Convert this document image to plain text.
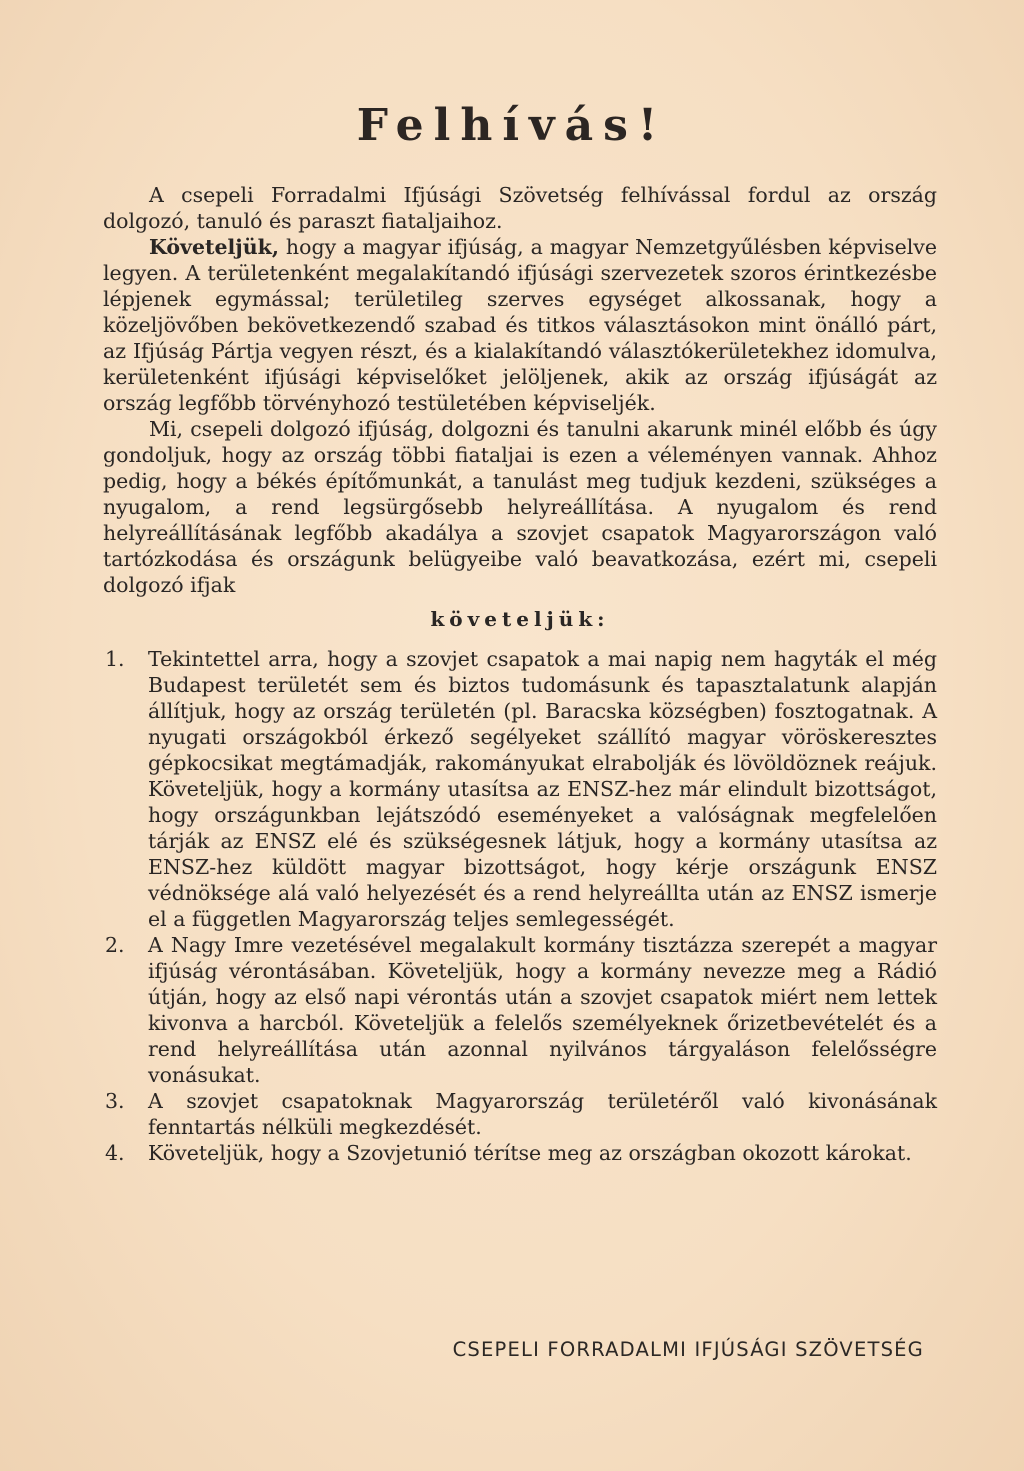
Felhívás!

A csepeli Forradalmi Ifjúsági Szövetség felhívással fordul az ország dolgozó, tanuló és paraszt fiataljaihoz.

Követeljük, hogy a magyar ifjúság, a magyar Nemzetgyűlésben képviselve legyen. A területenként megalakítandó ifjúsági szervezetek szoros érintkezésbe lépjenek egymással; területileg szerves egységet alkossanak, hogy a közeljövőben bekövetkezendő szabad és titkos választásokon mint önálló párt, az Ifjúság Pártja vegyen részt, és a kialakítandó választókerületekhez idomulva, kerületenként ifjúsági képviselőket jelöljenek, akik az ország ifjúságát az ország legfőbb törvényhozó testületében képviseljék.

Mi, csepeli dolgozó ifjúság, dolgozni és tanulni akarunk minél előbb és úgy gondoljuk, hogy az ország többi fiataljai is ezen a véleményen vannak. Ahhoz pedig, hogy a békés építőmunkát, a tanulást meg tudjuk kezdeni, szükséges a nyugalom, a rend legsürgősebb helyreállítása. A nyugalom és rend helyreállításának legfőbb akadálya a szovjet csapatok Magyarországon való tartózkodása és országunk belügyeibe való beavatkozása, ezért mi, csepeli dolgozó ifjak

követeljük:
1. Tekintettel arra, hogy a szovjet csapatok a mai napig nem hagyták el még Budapest területét sem és biztos tudomásunk és tapasztalatunk alapján állítjuk, hogy az ország területén (pl. Baracska községben) fosztogatnak. A nyugati országokból érkező segélyeket szállító magyar vöröskeresztes gépkocsikat megtámadják, rakományukat elrabolják és lövöldöznek reájuk. Követeljük, hogy a kormány utasítsa az ENSZ-hez már elindult bizottságot, hogy országunkban lejátszódó eseményeket a valóságnak megfelelően tárják az ENSZ elé és szükségesnek látjuk, hogy a kormány utasítsa az ENSZ-hez küldött magyar bizottságot, hogy kérje országunk ENSZ védnöksége alá való helyezését és a rend helyreállta után az ENSZ ismerje el a független Magyarország teljes semlegességét.
2. A Nagy Imre vezetésével megalakult kormány tisztázza szerepét a magyar ifjúság vérontásában. Követeljük, hogy a kormány nevezze meg a Rádió útján, hogy az első napi vérontás után a szovjet csapatok miért nem lettek kivonva a harcból. Követeljük a felelős személyeknek őrizetbevételét és a rend helyreállítása után azonnal nyilvános tárgyaláson felelősségre vonásukat.
3. A szovjet csapatoknak Magyarország területéről való kivonásának fenntartás nélküli megkezdését.
4. Követeljük, hogy a Szovjetunió térítse meg az országban okozott károkat.
CSEPELI FORRADALMI IFJÚSÁGI SZÖVETSÉG
